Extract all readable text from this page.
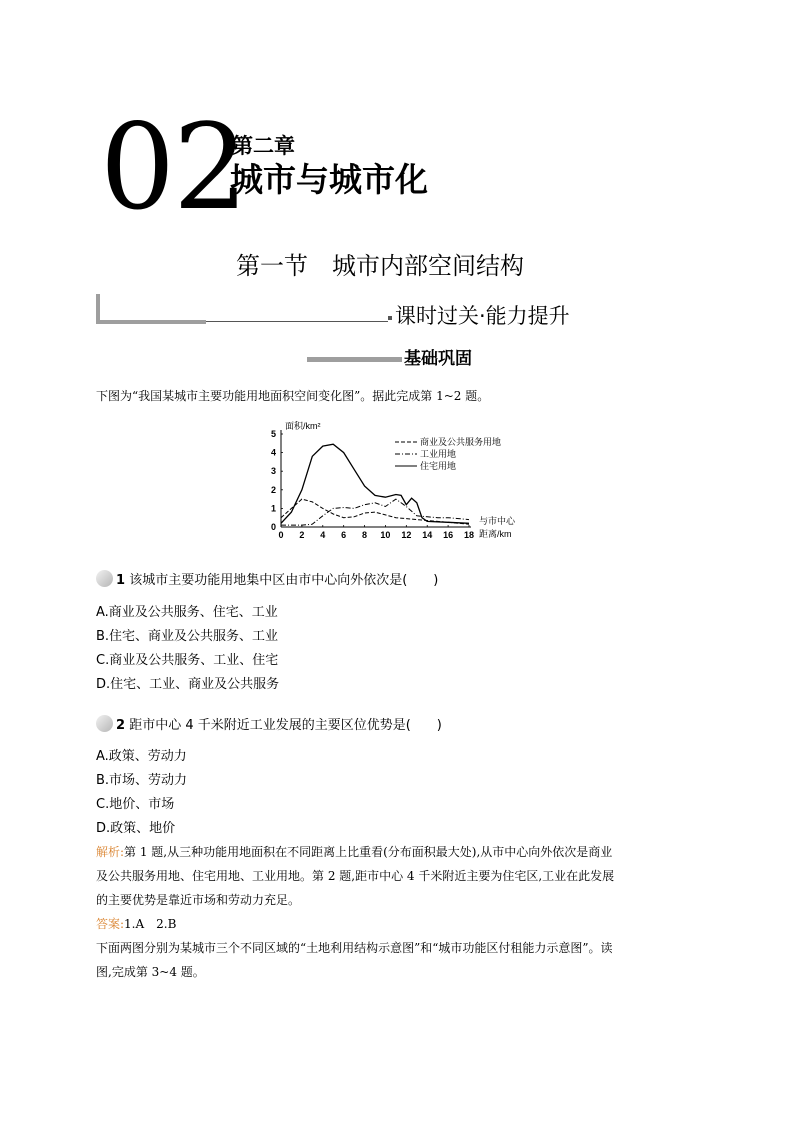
02
第二章
城市与城市化
第一节　城市内部空间结构
课时过关·能力提升
基础巩固
下图为“我国某城市主要功能用地面积空间变化图”。据此完成第 1~2 题。
0 2 4 6 8 10 12 14 16 18
0
1
2
3
4
5
商业及公共服务用地
工业用地
住宅用地
面积/km²
与市中心
距离/km
1 该城市主要功能用地集中区由市中心向外依次是(　　)
A.商业及公共服务、住宅、工业
B.住宅、商业及公共服务、工业
C.商业及公共服务、工业、住宅
D.住宅、工业、商业及公共服务
2 距市中心 4 千米附近工业发展的主要区位优势是(　　)
A.政策、劳动力
B.市场、劳动力
C.地价、市场
D.政策、地价
解析:第 1 题,从三种功能用地面积在不同距离上比重看(分布面积最大处),从市中心向外依次是商业
及公共服务用地、住宅用地、工业用地。第 2 题,距市中心 4 千米附近主要为住宅区,工业在此发展
的主要优势是靠近市场和劳动力充足。
答案:1.A　2.B
下面两图分别为某城市三个不同区域的“土地利用结构示意图”和“城市功能区付租能力示意图”。读
图,完成第 3~4 题。
